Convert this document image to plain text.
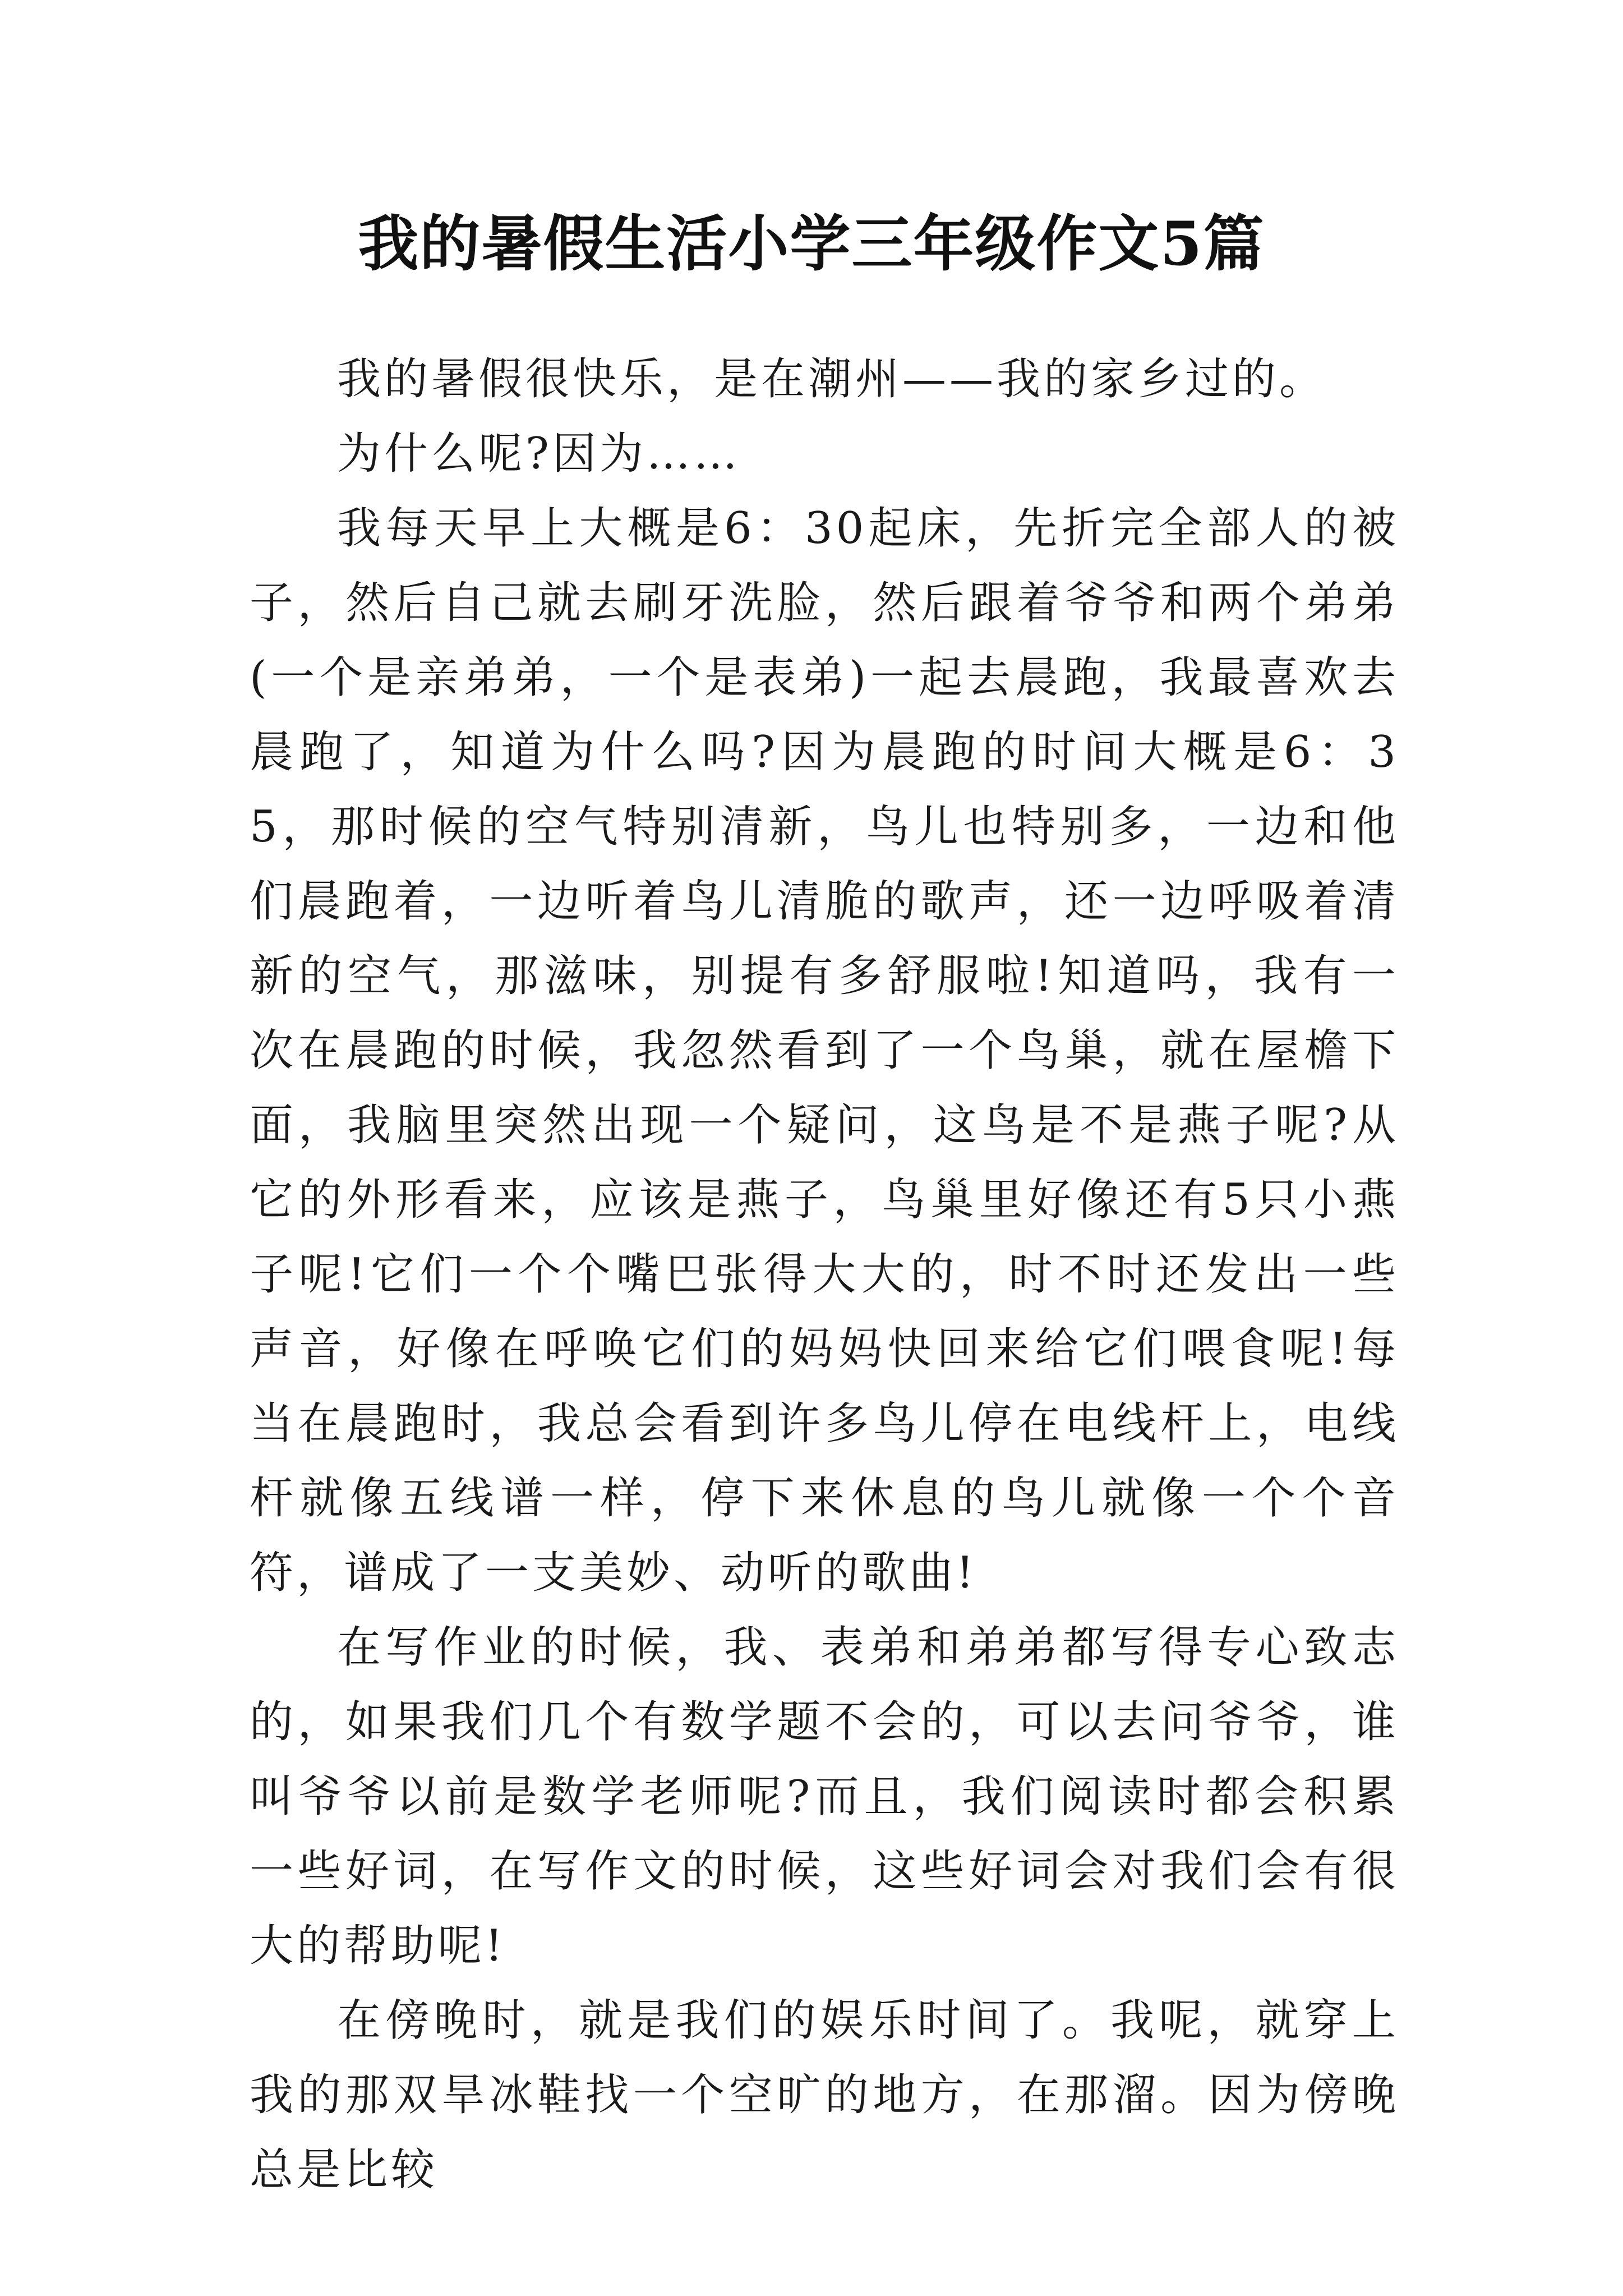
我的暑假生活小学三年级作文5篇

我的暑假很快乐，是在潮州——我的家乡过的。

为什么呢?因为……

我每天早上大概是6：30起床，先折完全部人的被子，然后自己就去刷牙洗脸，然后跟着爷爷和两个弟弟(一个是亲弟弟，一个是表弟)一起去晨跑，我最喜欢去晨跑了，知道为什么吗?因为晨跑的时间大概是6：35，那时候的空气特别清新，鸟儿也特别多，一边和他们晨跑着，一边听着鸟儿清脆的歌声，还一边呼吸着清新的空气，那滋味，别提有多舒服啦!知道吗，我有一次在晨跑的时候，我忽然看到了一个鸟巢，就在屋檐下面，我脑里突然出现一个疑问，这鸟是不是燕子呢?从它的外形看来，应该是燕子，鸟巢里好像还有5只小燕子呢!它们一个个嘴巴张得大大的，时不时还发出一些声音，好像在呼唤它们的妈妈快回来给它们喂食呢!每当在晨跑时，我总会看到许多鸟儿停在电线杆上，电线杆就像五线谱一样，停下来休息的鸟儿就像一个个音符，谱成了一支美妙、动听的歌曲!

在写作业的时候，我、表弟和弟弟都写得专心致志的，如果我们几个有数学题不会的，可以去问爷爷，谁叫爷爷以前是数学老师呢?而且，我们阅读时都会积累一些好词，在写作文的时候，这些好词会对我们会有很大的帮助呢!

在傍晚时，就是我们的娱乐时间了。我呢，就穿上我的那双旱冰鞋找一个空旷的地方，在那溜。因为傍晚总是比较
